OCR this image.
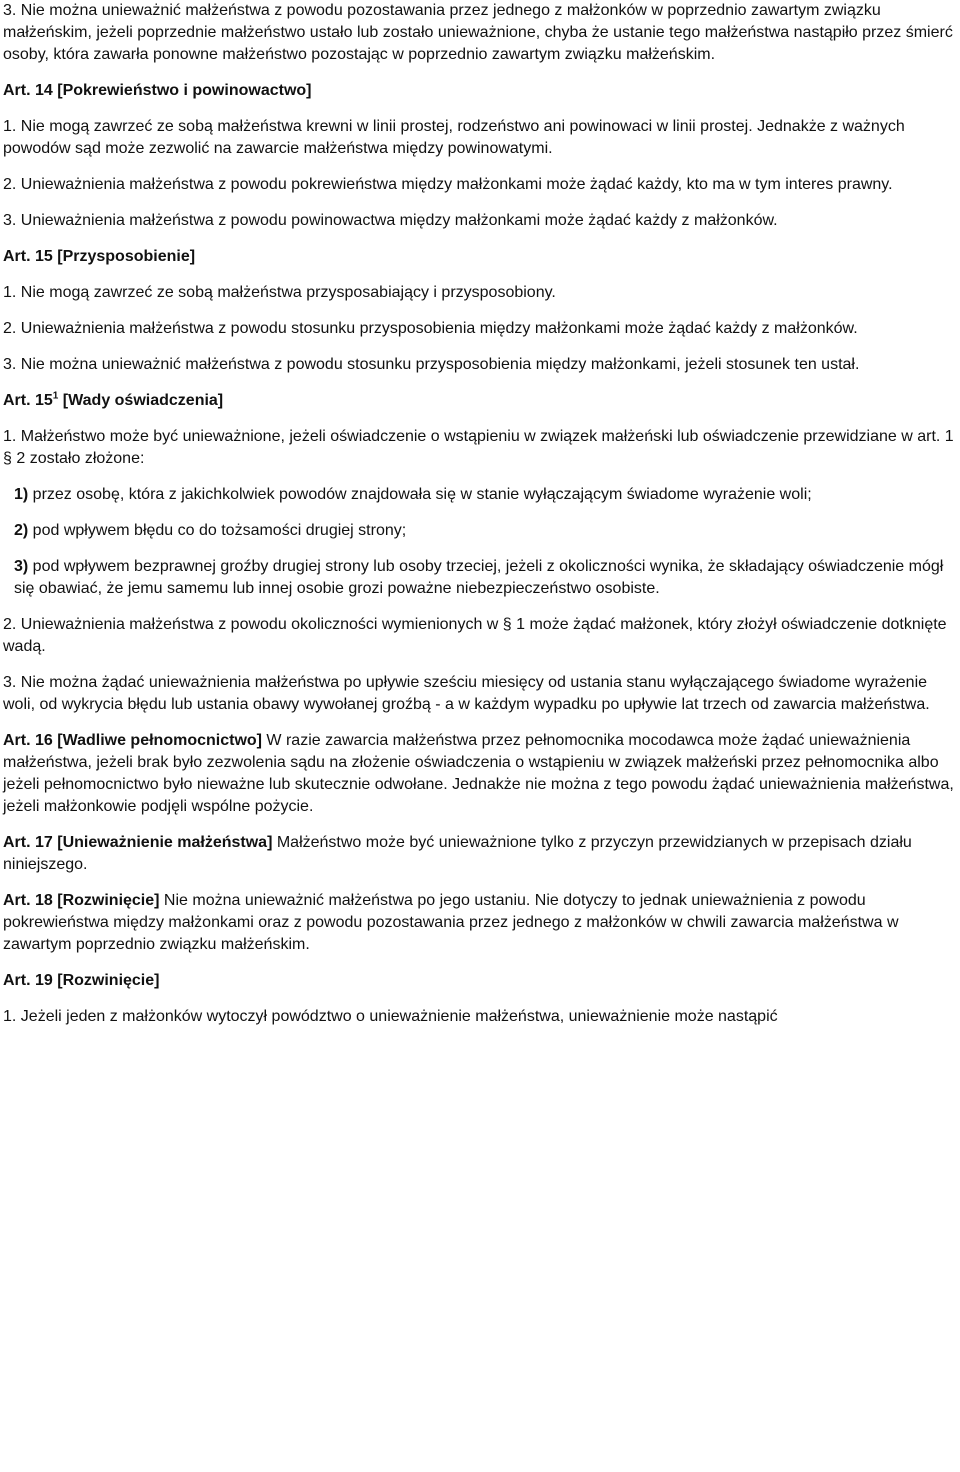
3. Nie można unieważnić małżeństwa z powodu pozostawania przez jednego z małżonków w poprzednio zawartym związku małżeńskim, jeżeli poprzednie małżeństwo ustało lub zostało unieważnione, chyba że ustanie tego małżeństwa nastąpiło przez śmierć osoby, która zawarła ponowne małżeństwo pozostając w poprzednio zawartym związku małżeńskim.

Art. 14 [Pokrewieństwo i powinowactwo]

1. Nie mogą zawrzeć ze sobą małżeństwa krewni w linii prostej, rodzeństwo ani powinowaci w linii prostej. Jednakże z ważnych powodów sąd może zezwolić na zawarcie małżeństwa między powinowatymi.

2. Unieważnienia małżeństwa z powodu pokrewieństwa między małżonkami może żądać każdy, kto ma w tym interes prawny.

3. Unieważnienia małżeństwa z powodu powinowactwa między małżonkami może żądać każdy z małżonków.

Art. 15 [Przysposobienie]

1. Nie mogą zawrzeć ze sobą małżeństwa przysposabiający i przysposobiony.

2. Unieważnienia małżeństwa z powodu stosunku przysposobienia między małżonkami może żądać każdy z małżonków.

3. Nie można unieważnić małżeństwa z powodu stosunku przysposobienia między małżonkami, jeżeli stosunek ten ustał.

Art. $15^1$ [Wady oświadczenia]

1. Małżeństwo może być unieważnione, jeżeli oświadczenie o wstąpieniu w związek małżeński lub oświadczenie przewidziane w art. 1 § 2 zostało złożone:

1) przez osobę, która z jakichkolwiek powodów znajdowała się w stanie wyłączającym świadome wyrażenie woli;

2) pod wpływem błędu co do tożsamości drugiej strony;

3) pod wpływem bezprawnej groźby drugiej strony lub osoby trzeciej, jeżeli z okoliczności wynika, że składający oświadczenie mógł się obawiać, że jemu samemu lub innej osobie grozi poważne niebezpieczeństwo osobiste.

2. Unieważnienia małżeństwa z powodu okoliczności wymienionych w § 1 może żądać małżonek, który złożył oświadczenie dotknięte wadą.

3. Nie można żądać unieważnienia małżeństwa po upływie sześciu miesięcy od ustania stanu wyłączającego świadome wyrażenie woli, od wykrycia błędu lub ustania obawy wywołanej groźbą - a w każdym wypadku po upływie lat trzech od zawarcia małżeństwa.

Art. 16 [Wadliwe pełnomocnictwo] W razie zawarcia małżeństwa przez pełnomocnika mocodawca może żądać unieważnienia małżeństwa, jeżeli brak było zezwolenia sądu na złożenie oświadczenia o wstąpieniu w związek małżeński przez pełnomocnika albo jeżeli pełnomocnictwo było nieważne lub skutecznie odwołane. Jednakże nie można z tego powodu żądać unieważnienia małżeństwa, jeżeli małżonkowie podjęli wspólne pożycie.

Art. 17 [Unieważnienie małżeństwa] Małżeństwo może być unieważnione tylko z przyczyn przewidzianych w przepisach działu niniejszego.

Art. 18 [Rozwinięcie] Nie można unieważnić małżeństwa po jego ustaniu. Nie dotyczy to jednak unieważnienia z powodu pokrewieństwa między małżonkami oraz z powodu pozostawania przez jednego z małżonków w chwili zawarcia małżeństwa w zawartym poprzednio związku małżeńskim.

Art. 19 [Rozwinięcie]

1. Jeżeli jeden z małżonków wytoczył powództwo o unieważnienie małżeństwa, unieważnienie może nastąpić
